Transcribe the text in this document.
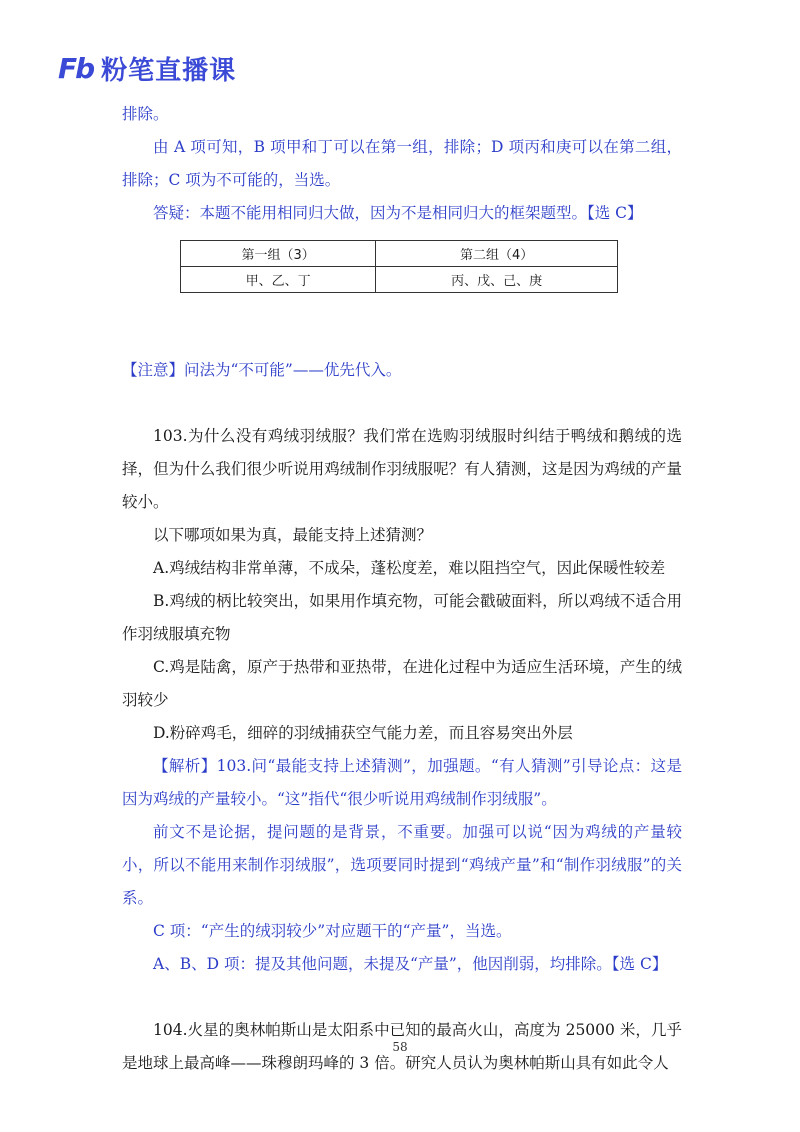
Fb 粉笔直播课

排除。

由 A 项可知，B 项甲和丁可以在第一组，排除；D 项丙和庚可以在第二组，排除；C 项为不可能的，当选。

答疑：本题不能用相同归大做，因为不是相同归大的框架题型。【选 C】

第一组（3）	第二组（4）
甲、乙、丁	丙、戊、己、庚

【注意】问法为“不可能”——优先代入。

103.为什么没有鸡绒羽绒服？我们常在选购羽绒服时纠结于鸭绒和鹅绒的选择，但为什么我们很少听说用鸡绒制作羽绒服呢？有人猜测，这是因为鸡绒的产量较小。

以下哪项如果为真，最能支持上述猜测？

A.鸡绒结构非常单薄，不成朵，蓬松度差，难以阻挡空气，因此保暖性较差

B.鸡绒的柄比较突出，如果用作填充物，可能会戳破面料，所以鸡绒不适合用作羽绒服填充物

C.鸡是陆禽，原产于热带和亚热带，在进化过程中为适应生活环境，产生的绒羽较少

D.粉碎鸡毛，细碎的羽绒捕获空气能力差，而且容易突出外层

【解析】103.问“最能支持上述猜测”，加强题。“有人猜测”引导论点：这是因为鸡绒的产量较小。“这”指代“很少听说用鸡绒制作羽绒服”。

前文不是论据，提问题的是背景，不重要。加强可以说“因为鸡绒的产量较小，所以不能用来制作羽绒服”，选项要同时提到“鸡绒产量”和“制作羽绒服”的关系。

C 项：“产生的绒羽较少”对应题干的“产量”，当选。

A、B、D 项：提及其他问题，未提及“产量”，他因削弱，均排除。【选 C】

104.火星的奥林帕斯山是太阳系中已知的最高火山，高度为 25000 米，几乎是地球上最高峰——珠穆朗玛峰的 3 倍。研究人员认为奥林帕斯山具有如此令人

58
